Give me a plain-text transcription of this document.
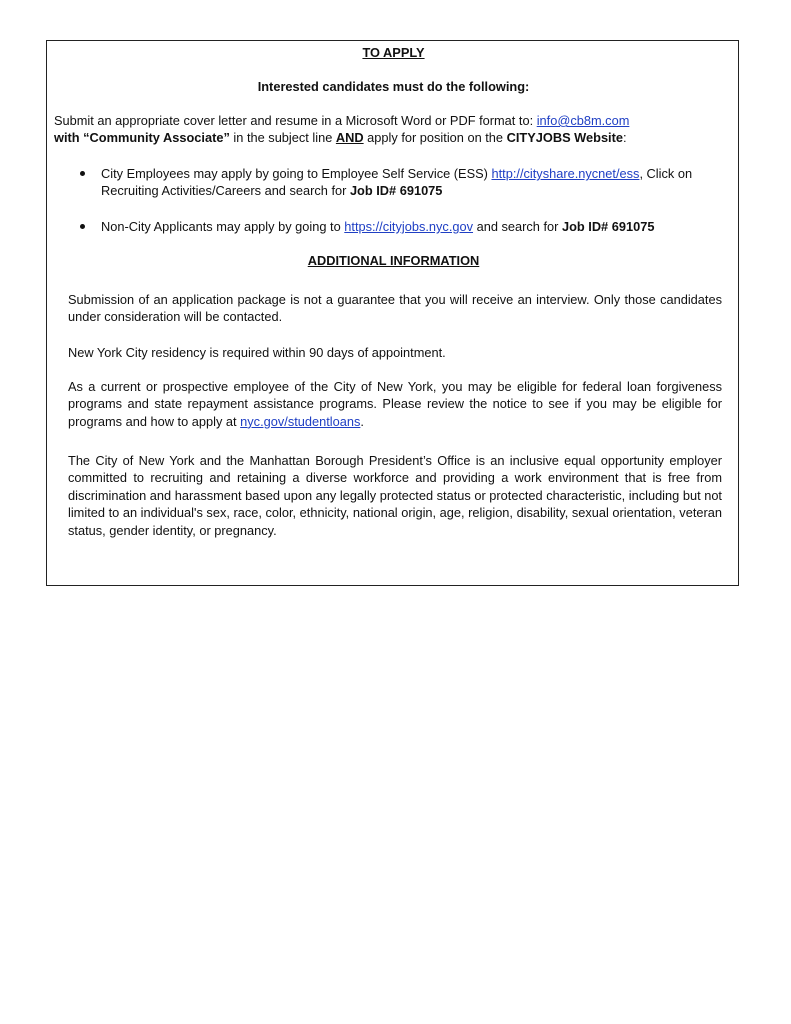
TO APPLY
Interested candidates must do the following:
Submit an appropriate cover letter and resume in a Microsoft Word or PDF format to: info@cb8m.com
with “Community Associate” in the subject line AND apply for position on the CITYJOBS Website:
City Employees may apply by going to Employee Self Service (ESS) http://cityshare.nycnet/ess, Click on
Recruiting Activities/Careers and search for Job ID# 691075
Non-City Applicants may apply by going to https://cityjobs.nyc.gov and search for Job ID# 691075
ADDITIONAL INFORMATION
Submission of an application package is not a guarantee that you will receive an interview. Only those candidates under consideration will be contacted.
New York City residency is required within 90 days of appointment.
As a current or prospective employee of the City of New York, you may be eligible for federal loan forgiveness programs and state repayment assistance programs. Please review the notice to see if you may be eligible for programs and how to apply at nyc.gov/studentloans.
The City of New York and the Manhattan Borough President’s Office is an inclusive equal opportunity employer committed to recruiting and retaining a diverse workforce and providing a work environment that is free from discrimination and harassment based upon any legally protected status or protected characteristic, including but not limited to an individual's sex, race, color, ethnicity, national origin, age, religion, disability, sexual orientation, veteran status, gender identity, or pregnancy.
